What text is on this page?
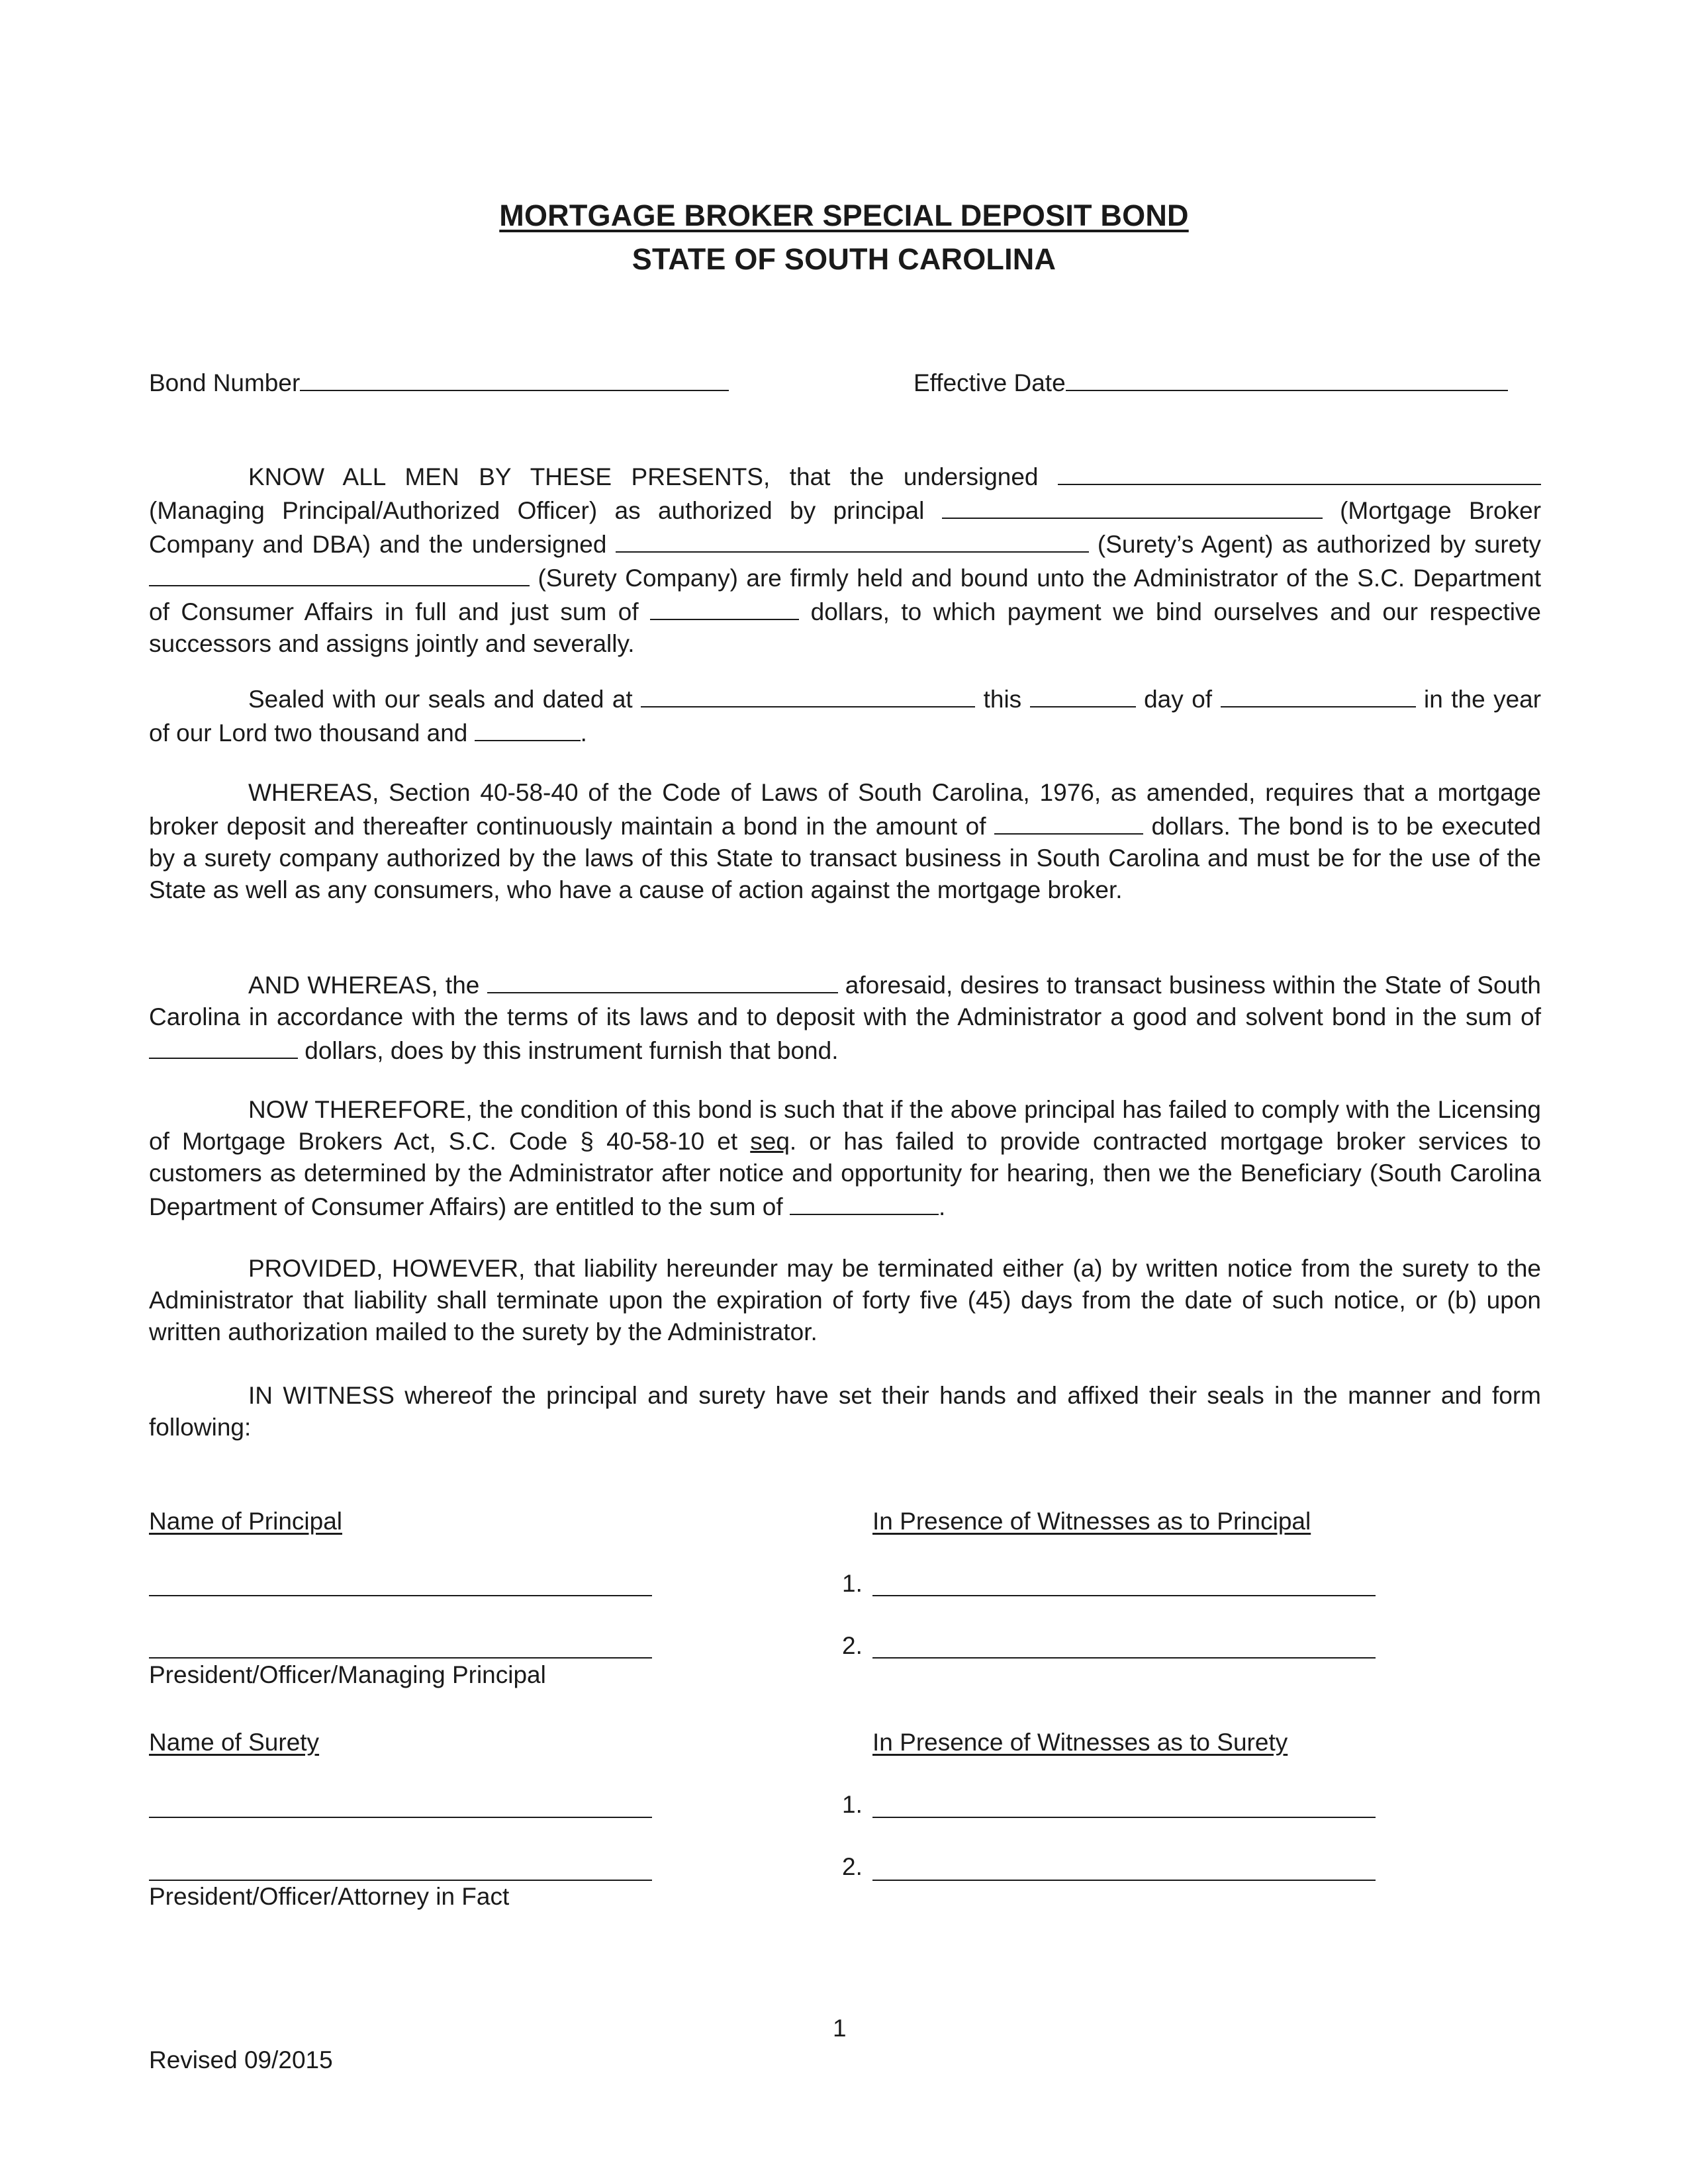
MORTGAGE BROKER SPECIAL DEPOSIT BOND
STATE OF SOUTH CAROLINA
Bond Number	Effective Date

KNOW ALL MEN BY THESE PRESENTS, that the undersigned  (Managing Principal/Authorized Officer) as authorized by principal	(Mortgage Broker Company and DBA) and the undersigned	(Surety’s Agent) as authorized by surety  (Surety Company) are firmly held and bound unto the Administrator of the S.C. Department of Consumer Affairs in full and just sum of	dollars, to which payment we bind ourselves and our respective successors and assigns jointly and severally.

Sealed with our seals and dated at	this	day of	in the year of our Lord two thousand and	.

WHEREAS, Section 40-58-40 of the Code of Laws of South Carolina, 1976, as amended, requires that a mortgage broker deposit and thereafter continuously maintain a bond in the amount of	dollars. The bond is to be executed by a surety company authorized by the laws of this State to transact business in South Carolina and must be for the use of the State as well as any consumers, who have a cause of action against the mortgage broker.

AND WHEREAS, the	aforesaid, desires to transact business within the State of South Carolina in accordance with the terms of its laws and to deposit with the Administrator a good and solvent bond in the sum of  dollars, does by this instrument furnish that bond.

NOW THEREFORE, the condition of this bond is such that if the above principal has failed to comply with the Licensing of Mortgage Brokers Act, S.C. Code § 40-58-10 et seq. or has failed to provide contracted mortgage broker services to customers as determined by the Administrator after notice and opportunity for hearing, then we the Beneficiary (South Carolina Department of Consumer Affairs) are entitled to the sum of	.

PROVIDED, HOWEVER, that liability hereunder may be terminated either (a) by written notice from the surety to the Administrator that liability shall terminate upon the expiration of forty five (45) days from the date of such notice, or (b) upon written authorization mailed to the surety by the Administrator.

IN WITNESS whereof the principal and surety have set their hands and affixed their seals in the manner and form following:

Name of Principal	In Presence of Witnesses as to Principal
1.
2.
President/Officer/Managing Principal
Name of Surety	In Presence of Witnesses as to Surety
1.
2.
President/Officer/Attorney in Fact
1
Revised 09/2015
